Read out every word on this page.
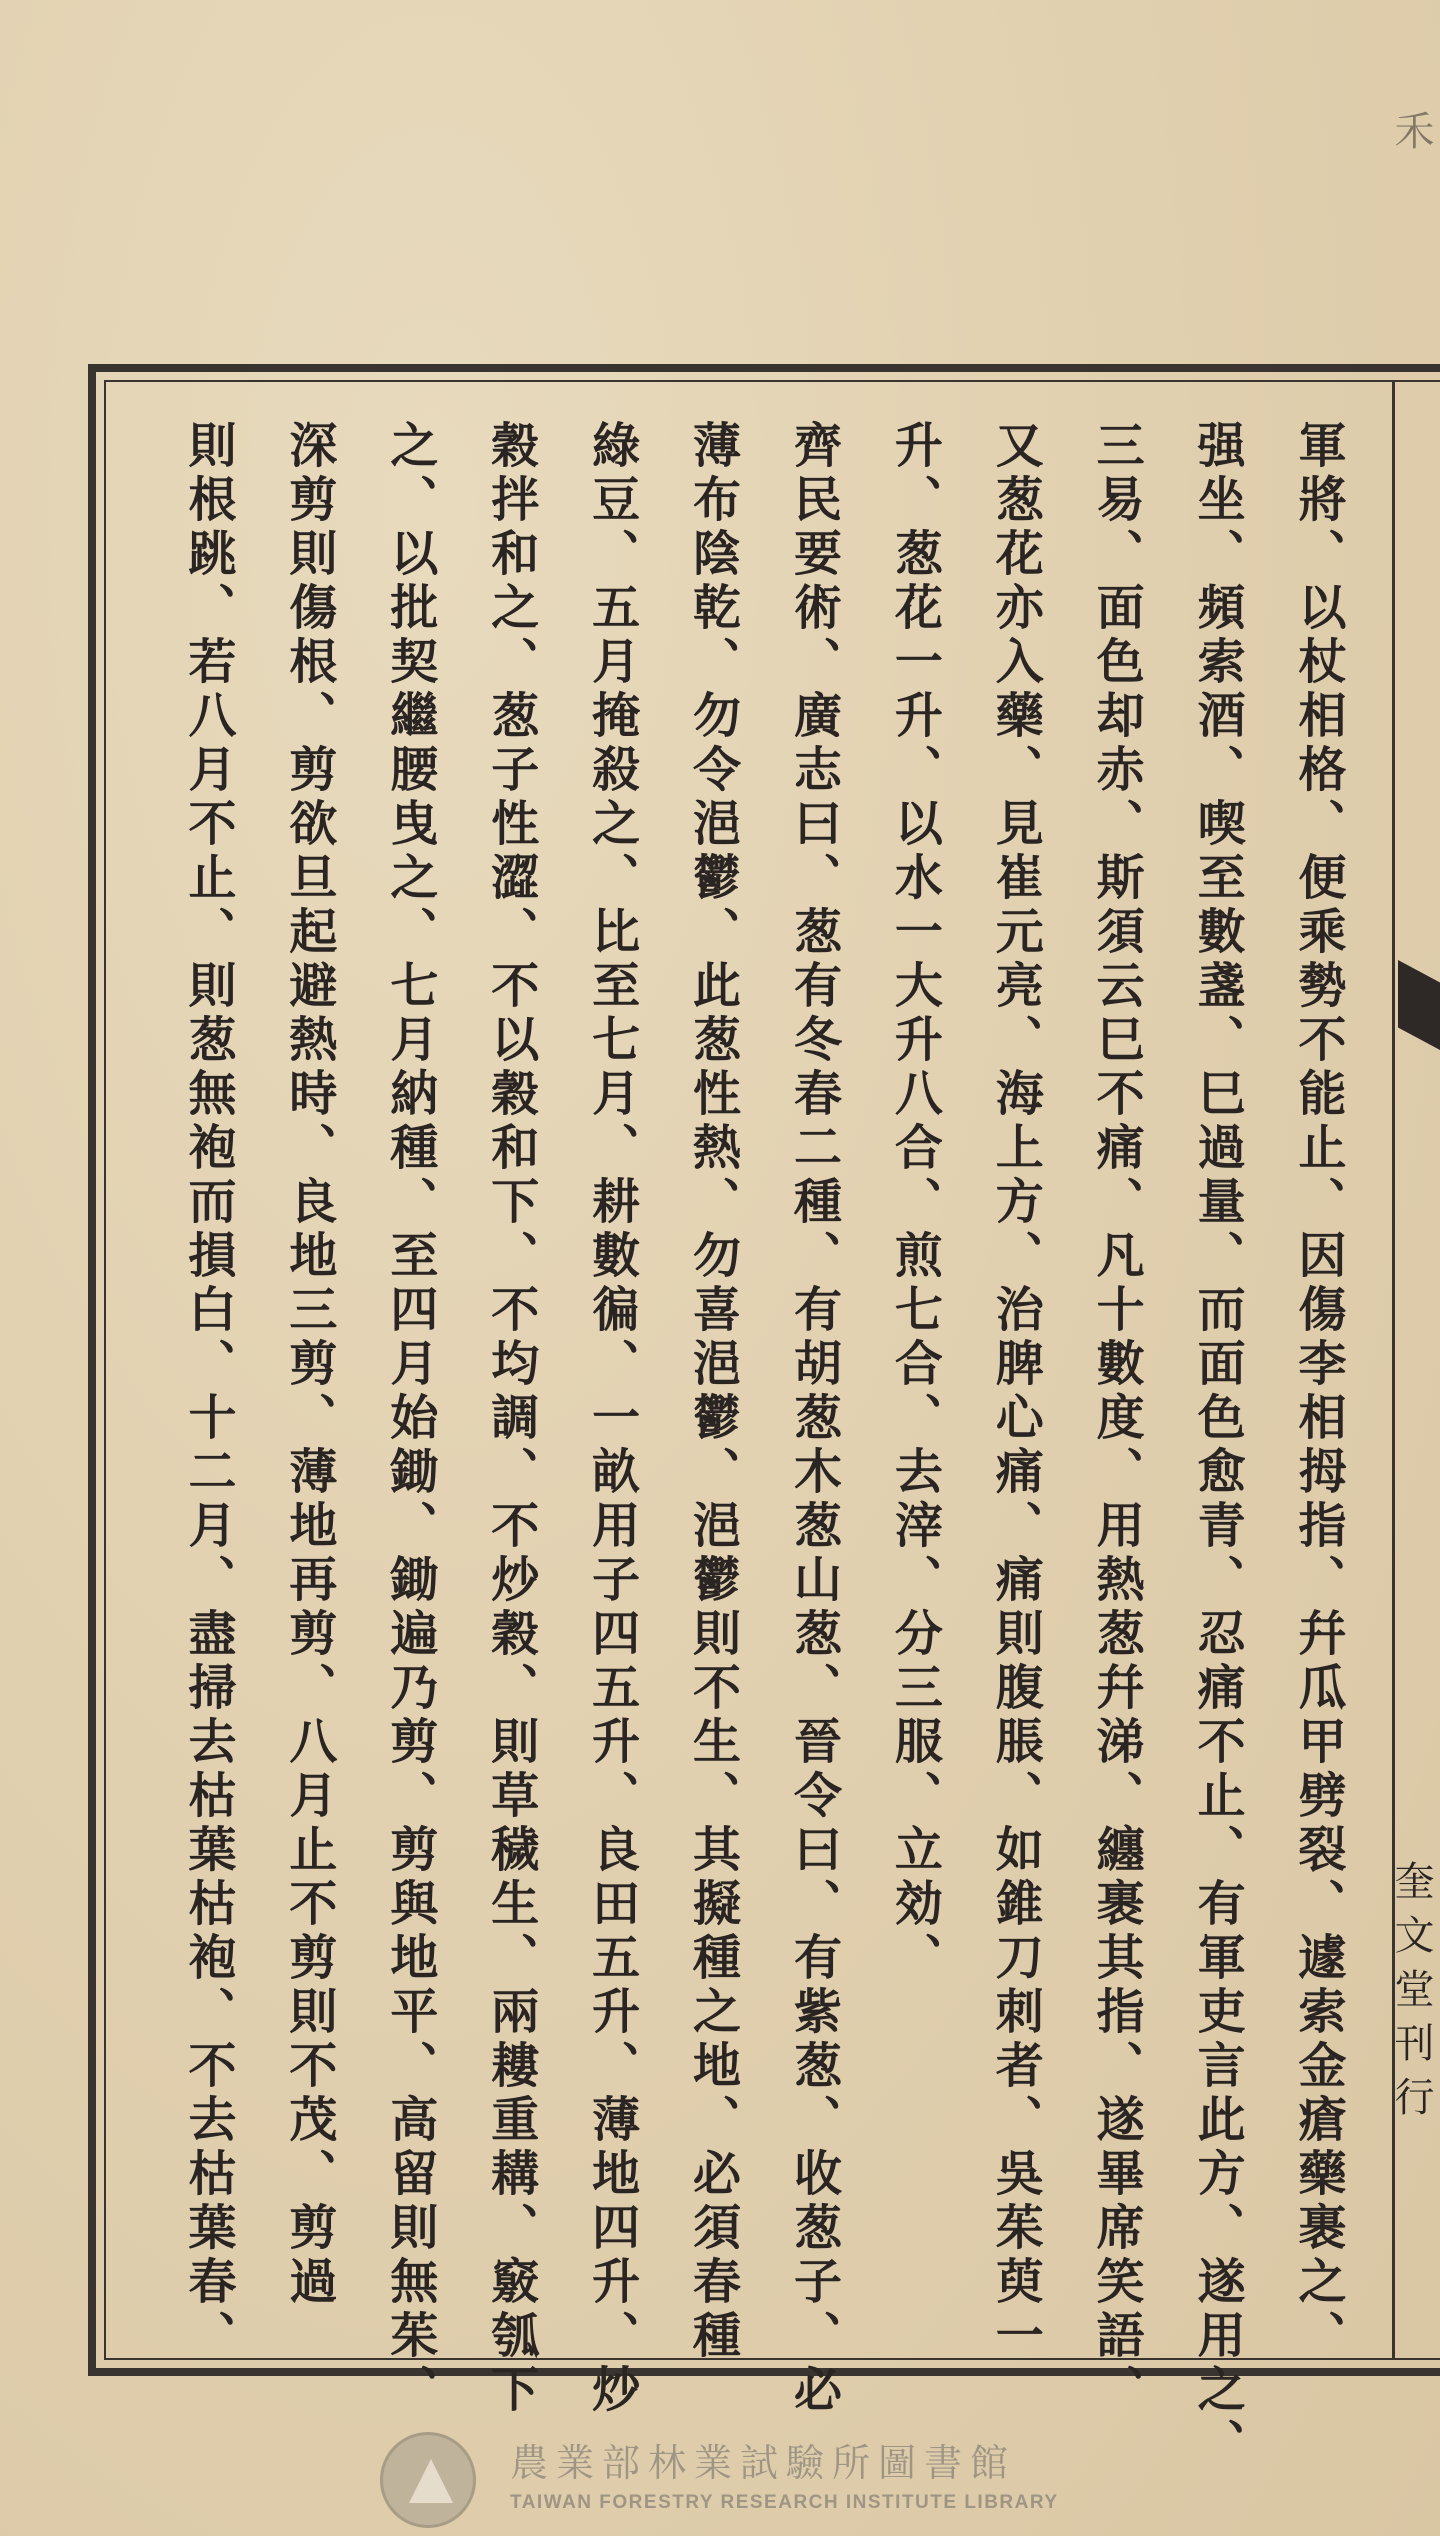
禾
軍將、以杖相格、便乘勢不能止、因傷李相拇指、幷瓜甲劈裂、遽索金瘡藥裹之、
强坐、頻索酒、喫至數盞、巳過量、而面色愈青、忍痛不止、有軍吏言此方、遂用之、
三易、面色却赤、斯須云巳不痛、凡十數度、用熱葱幷涕、纏裹其指、遂畢席笑語、
又葱花亦入藥、見崔元亮、海上方、治脾心痛、痛則腹脹、如錐刀刺者、吳茱萸一
升、葱花一升、以水一大升八合、煎七合、去滓、分三服、立効、
齊民要術、廣志曰、葱有冬春二種、有胡葱木葱山葱、晉令曰、有紫葱、收葱子、必
薄布陰乾、勿令浥鬱、此葱性熱、勿喜浥鬱、浥鬱則不生、其擬種之地、必須春種
綠豆、五月掩殺之、比至七月、耕數徧、一畝用子四五升、良田五升、薄地四升、炒
穀拌和之、葱子性澀、不以穀和下、不均調、不炒穀、則草穢生、兩耬重耩、竅瓠下
之、以批契繼腰曳之、七月納種、至四月始鋤、鋤遍乃剪、剪與地平、高留則無茱、
深剪則傷根、剪欲旦起避熱時、良地三剪、薄地再剪、八月止不剪則不茂、剪過
則根跳、若八月不止、則葱無袍而損白、十二月、盡掃去枯葉枯袍、不去枯葉春、	奎文堂刊行
農業部林業試驗所圖書館
TAIWAN FORESTRY RESEARCH INSTITUTE LIBRARY
